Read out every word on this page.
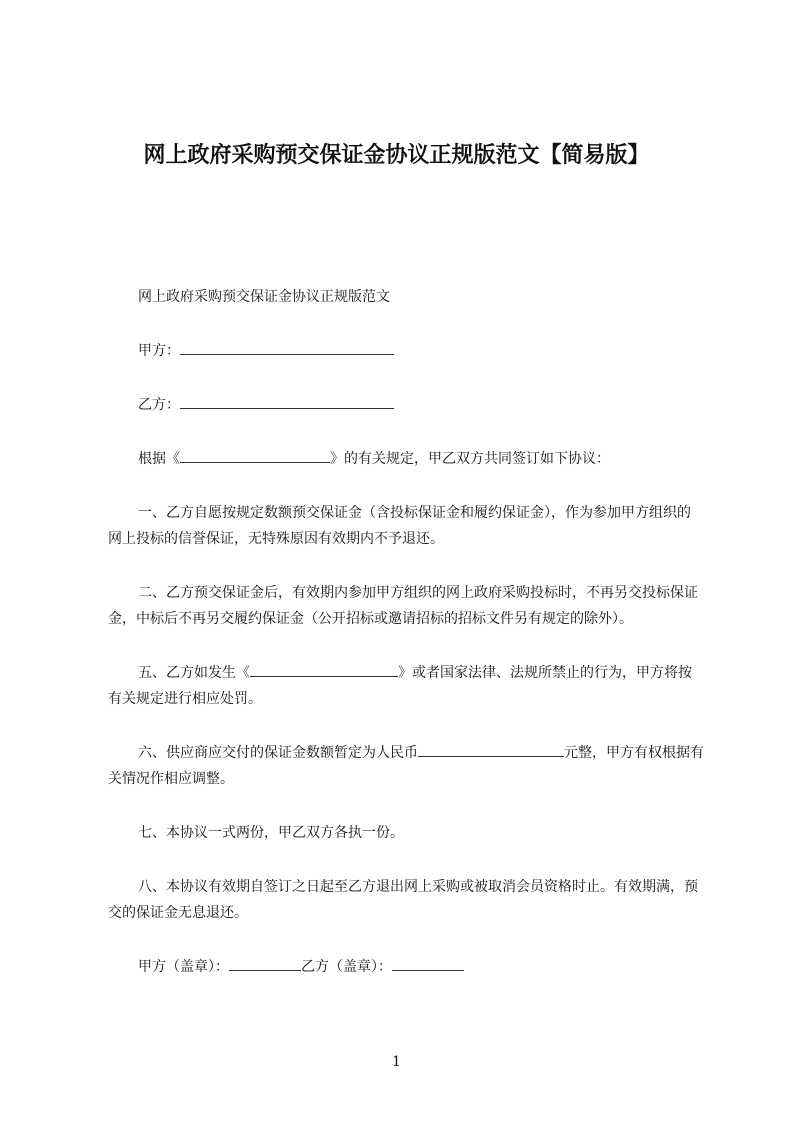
网上政府采购预交保证金协议正规版范文【简易版】

网上政府采购预交保证金协议正规版范文

甲方：

乙方：

根据《	》的有关规定，甲乙双方共同签订如下协议：

一、乙方自愿按规定数额预交保证金（含投标保证金和履约保证金），作为参加甲方组织的网上投标的信誉保证，无特殊原因有效期内不予退还。

二、乙方预交保证金后，有效期内参加甲方组织的网上政府采购投标时，不再另交投标保证金，中标后不再另交履约保证金（公开招标或邀请招标的招标文件另有规定的除外）。

五、乙方如发生《	》或者国家法律、法规所禁止的行为，甲方将按有关规定进行相应处罚。

六、供应商应交付的保证金数额暂定为人民币	元整，甲方有权根据有关情况作相应调整。

七、本协议一式两份，甲乙双方各执一份。

八、本协议有效期自签订之日起至乙方退出网上采购或被取消会员资格时止。有效期满，预交的保证金无息退还。

甲方（盖章）：	乙方（盖章）：

1
